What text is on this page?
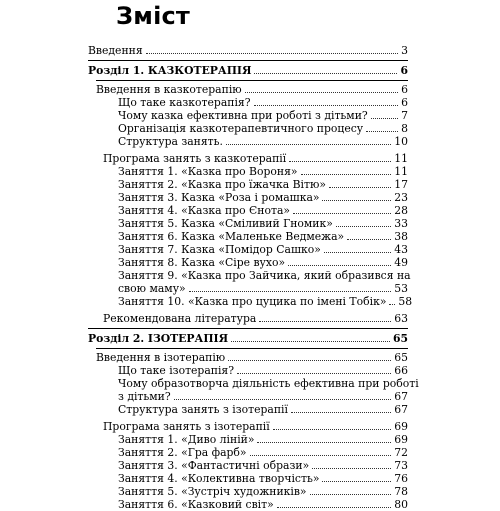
Зміст
Введення	3
Розділ 1. КАЗКОТЕРАПІЯ	6
Введення в казкотерапію	6
Що таке казкотерапія?	6
Чому казка ефективна при роботі з дітьми?	7
Організація казкотерапевтичного процесу	8
Структура занять.	10
Програма занять з казкотерапії	11
Заняття 1. «Казка про Вороня»	11
Заняття 2. «Казка про їжачка Вітю»	17
Заняття 3. Казка «Роза і ромашка»	23
Заняття 4. «Казка про Єнота»	28
Заняття 5. Казка «Сміливий Гномик»	33
Заняття 6. Казка «Маленьке Ведмежа»	38
Заняття 7. Казка «Помідор Сашко»	43
Заняття 8. Казка «Сіре вухо»	49
Заняття 9. «Казка про Зайчика, який образився на
свою маму»	53
Заняття 10. «Казка про цуцика по імені Тобік» 58
Рекомендована література	63
Розділ 2. ІЗОТЕРАПІЯ	65
Введення в ізотерапію	65
Що таке ізотерапія?	66
Чому образотворча діяльність ефективна при роботі
з дітьми?	67
Структура занять з ізотерапії	67
Програма занять з ізотерапії	69
Заняття 1. «Диво ліній»	69
Заняття 2. «Гра фарб»	72
Заняття 3. «Фантастичні образи»	73
Заняття 4. «Колективна творчість»	76
Заняття 5. «Зустріч художників»	78
Заняття 6. «Казковий світ»	80
